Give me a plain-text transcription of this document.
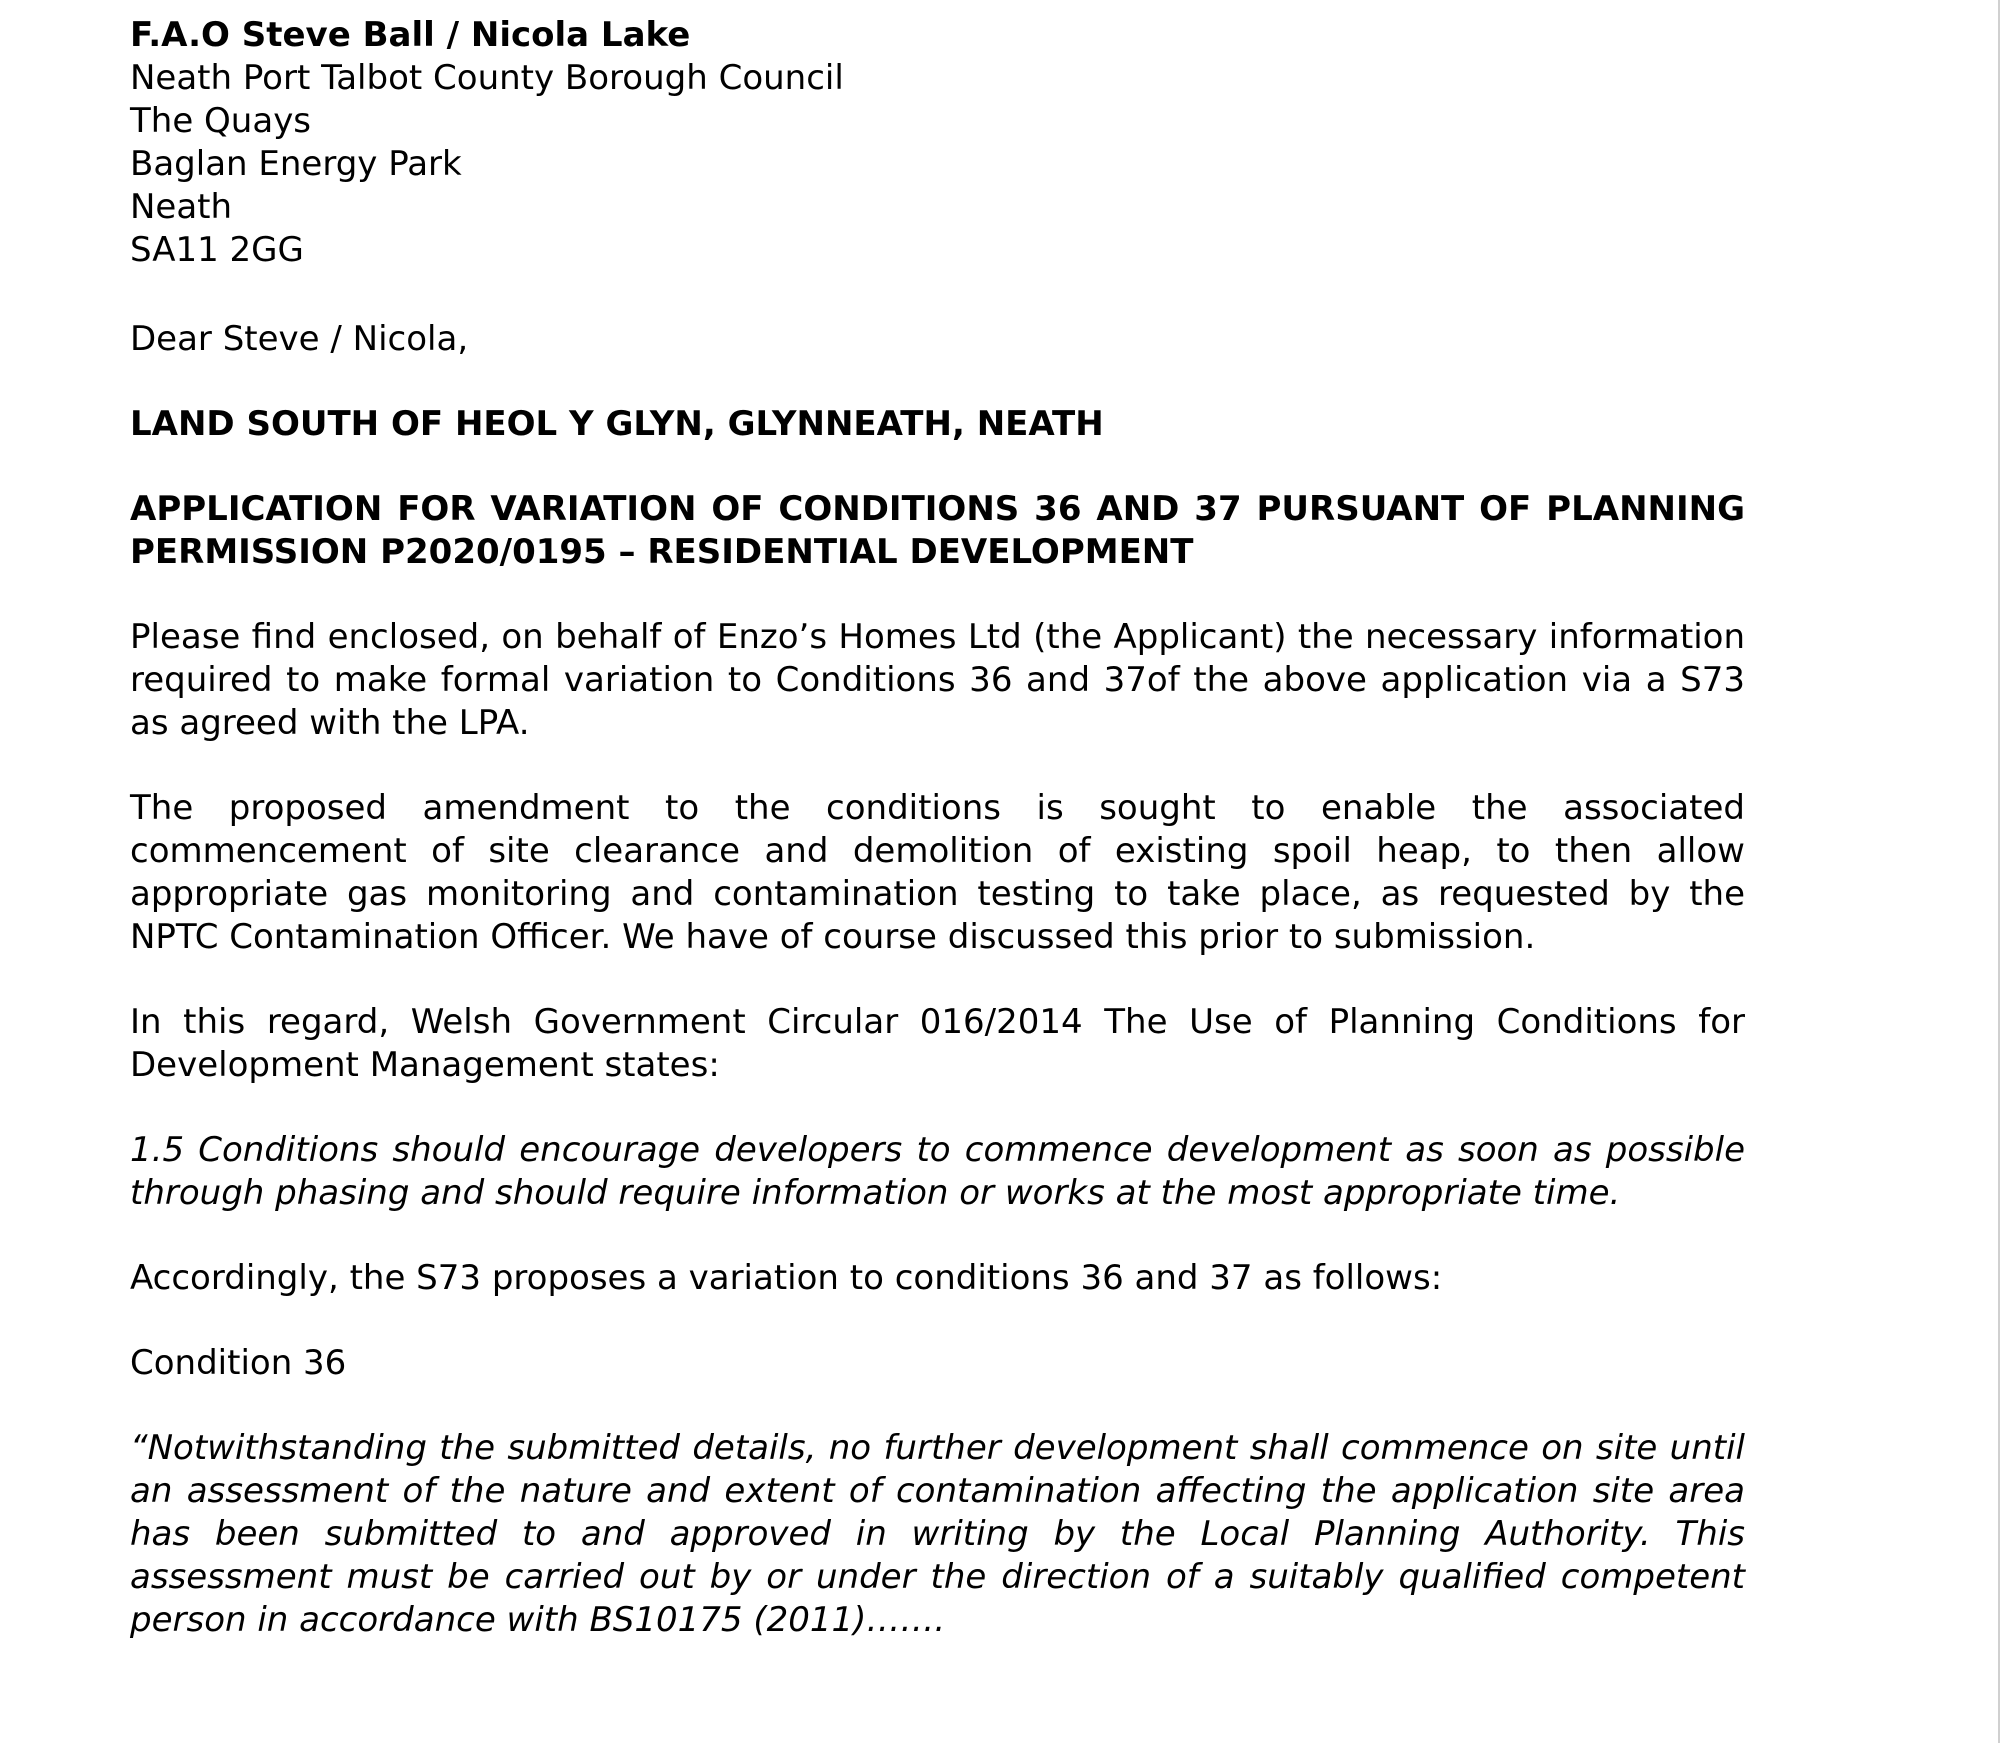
F.A.O Steve Ball / Nicola Lake
Neath Port Talbot County Borough Council
The Quays
Baglan Energy Park
Neath
SA11 2GG
Dear Steve / Nicola,

LAND SOUTH OF HEOL Y GLYN, GLYNNEATH, NEATH

APPLICATION FOR VARIATION OF CONDITIONS 36 AND 37 PURSUANT OF PLANNING PERMISSION P2020/0195 – RESIDENTIAL DEVELOPMENT

Please find enclosed, on behalf of Enzo’s Homes Ltd (the Applicant) the necessary information required to make formal variation to Conditions 36 and 37of the above application via a S73 as agreed with the LPA.

The proposed amendment to the conditions is sought to enable the associated commencement of site clearance and demolition of existing spoil heap, to then allow appropriate gas monitoring and contamination testing to take place, as requested by the NPTC Contamination Officer. We have of course discussed this prior to submission.

In this regard, Welsh Government Circular 016/2014 The Use of Planning Conditions for Development Management states:

1.5 Conditions should encourage developers to commence development as soon as possible through phasing and should require information or works at the most appropriate time.

Accordingly, the S73 proposes a variation to conditions 36 and 37 as follows:

Condition 36

“Notwithstanding the submitted details, no further development shall commence on site until an assessment of the nature and extent of contamination affecting the application site area has been submitted to and approved in writing by the Local Planning Authority. This assessment must be carried out by or under the direction of a suitably qualified competent person in accordance with BS10175 (2011)…….
